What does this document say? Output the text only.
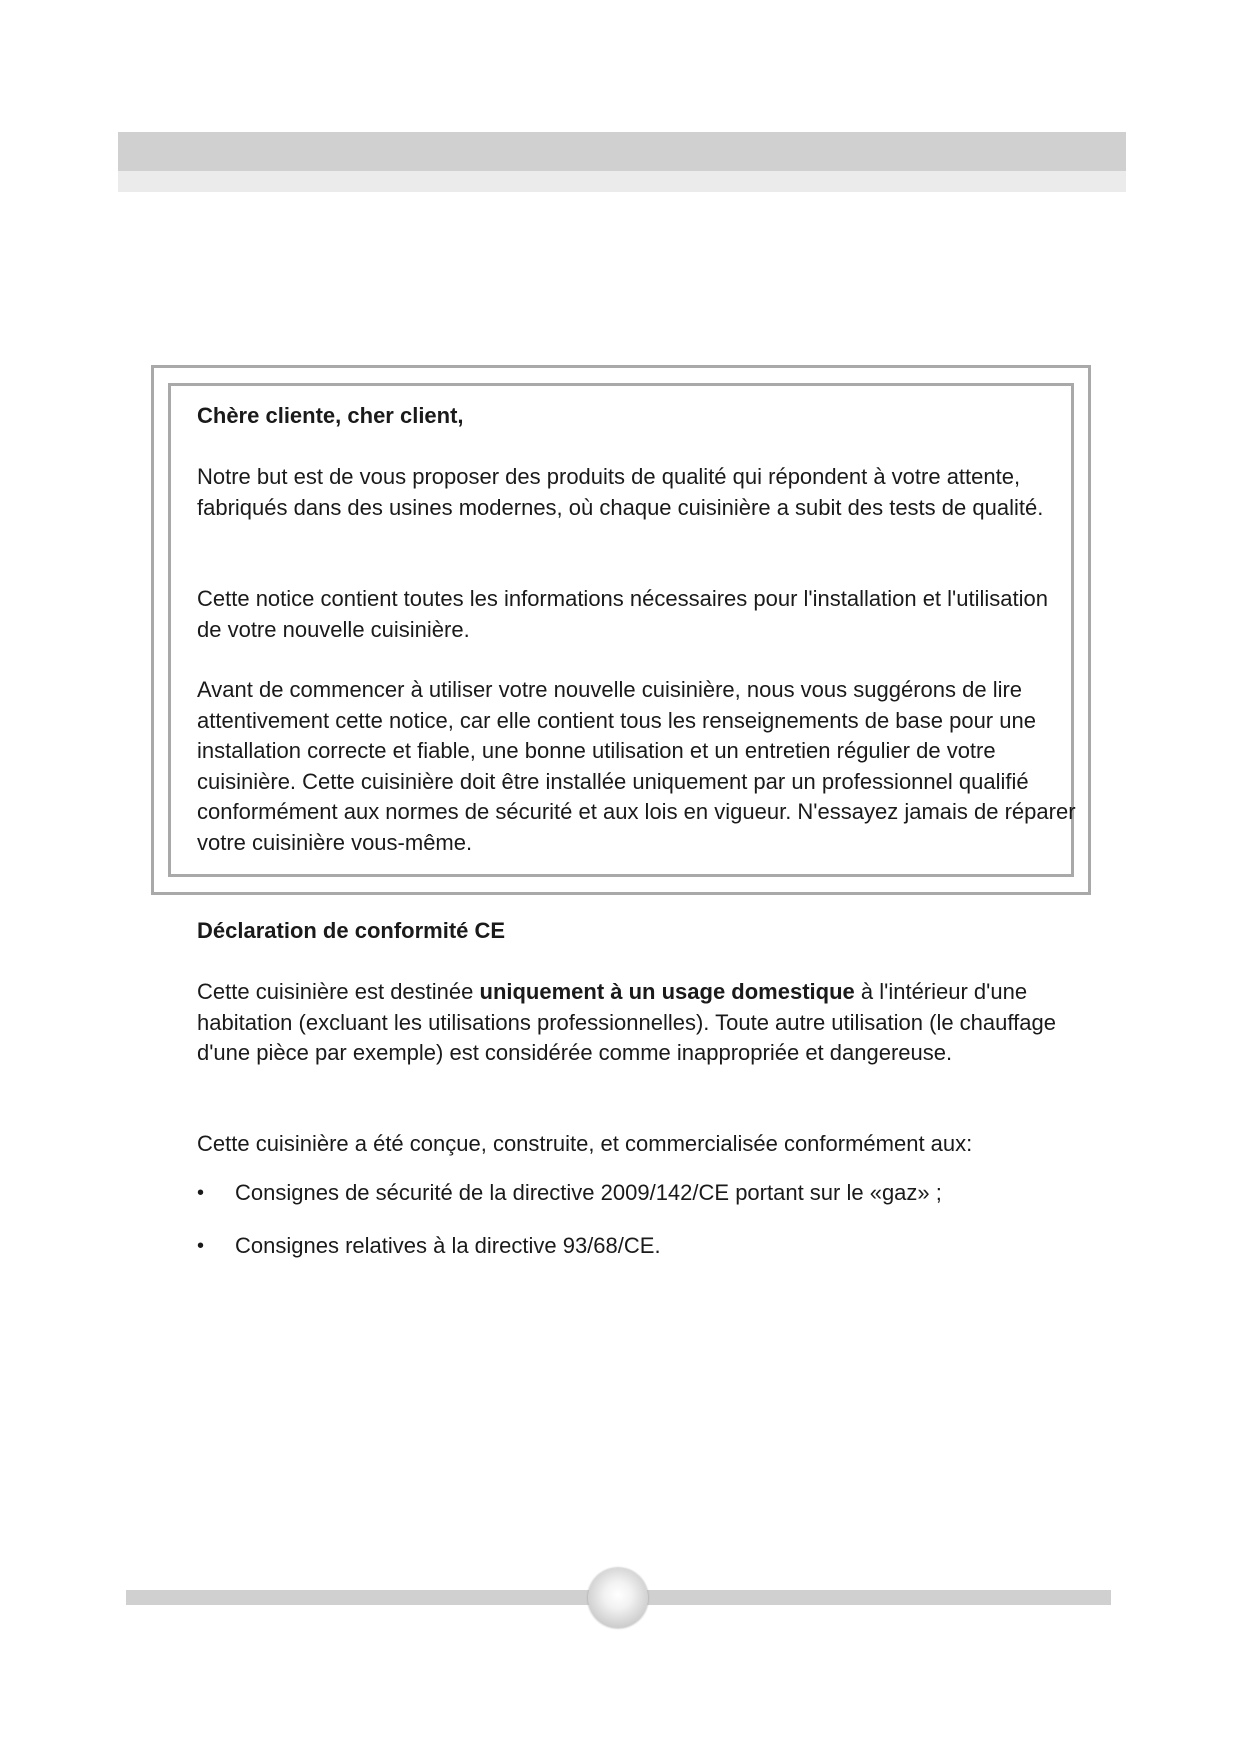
Chère cliente, cher client,
Notre but est de vous proposer des produits de qualité qui répondent à votre attente, fabriqués dans des usines modernes, où chaque cuisinière a subit des tests de qualité.
Cette notice contient toutes les informations nécessaires pour l'installation et l'utilisation de votre nouvelle cuisinière.
Avant de commencer à utiliser votre nouvelle cuisinière, nous vous suggérons de lire attentivement cette notice, car elle contient tous les renseignements de base pour une installation correcte et fiable, une bonne utilisation et un entretien régulier de votre cuisinière. Cette cuisinière doit être installée uniquement par un professionnel qualifié conformément aux normes de sécurité et aux lois en vigueur. N'essayez jamais de réparer votre cuisinière vous-même.
Déclaration de conformité CE
Cette cuisinière est destinée uniquement à un usage domestique à l'intérieur d'une habitation (excluant les utilisations professionnelles). Toute autre utilisation (le chauffage d'une pièce par exemple) est considérée comme inappropriée et dangereuse.
Cette cuisinière a été conçue, construite, et commercialisée conformément aux:
• Consignes de sécurité de la directive 2009/142/CE portant sur le «gaz» ;
• Consignes relatives à la directive 93/68/CE.
